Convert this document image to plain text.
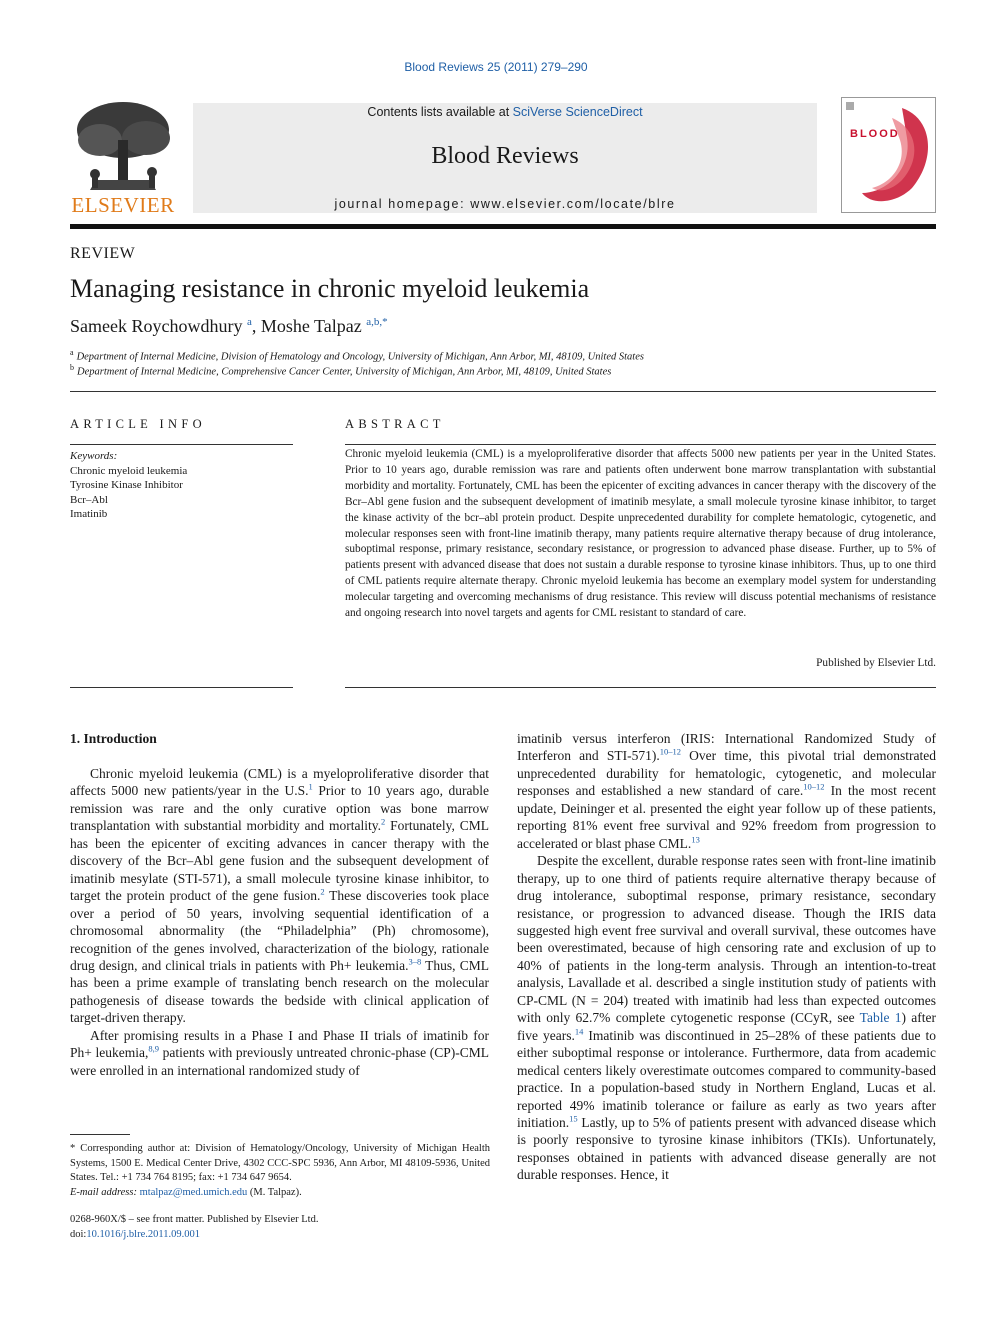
Blood Reviews 25 (2011) 279–290
ELSEVIER
Contents lists available at SciVerse ScienceDirect
Blood Reviews
journal homepage: www.elsevier.com/locate/blre
BLOOD
REVIEW
Managing resistance in chronic myeloid leukemia
Sameek Roychowdhury $^a$, Moshe Talpaz $^{a,b,*}$
$^a$ Department of Internal Medicine, Division of Hematology and Oncology, University of Michigan, Ann Arbor, MI, 48109, United States
$^b$ Department of Internal Medicine, Comprehensive Cancer Center, University of Michigan, Ann Arbor, MI, 48109, United States
ARTICLE INFO	ABSTRACT
Keywords:
Chronic myeloid leukemia
Tyrosine Kinase Inhibitor
Bcr–Abl
Imatinib
Chronic myeloid leukemia (CML) is a myeloproliferative disorder that affects 5000 new patients per year in the United States. Prior to 10 years ago, durable remission was rare and patients often underwent bone marrow transplantation with substantial morbidity and mortality. Fortunately, CML has been the epicenter of exciting advances in cancer therapy with the discovery of the Bcr–Abl gene fusion and the subsequent development of imatinib mesylate, a small molecule tyrosine kinase inhibitor, to target the kinase activity of the bcr–abl protein product. Despite unprecedented durability for complete hematologic, cytogenetic, and molecular responses seen with front-line imatinib therapy, many patients require alternative therapy because of drug intolerance, suboptimal response, primary resistance, secondary resistance, or progression to advanced phase disease. Further, up to 5% of patients present with advanced disease that does not sustain a durable response to tyrosine kinase inhibitors. Thus, up to one third of CML patients require alternate therapy. Chronic myeloid leukemia has become an exemplary model system for understanding molecular targeting and overcoming mechanisms of drug resistance. This review will discuss potential mechanisms of resistance and ongoing research into novel targets and agents for CML resistant to standard of care.
Published by Elsevier Ltd.
1. Introduction

Chronic myeloid leukemia (CML) is a myeloproliferative disorder that affects 5000 new patients/year in the U.S.$^1$ Prior to 10 years ago, durable remission was rare and the only curative option was bone marrow transplantation with substantial morbidity and mortality.$^2$ Fortunately, CML has been the epicenter of exciting advances in cancer therapy with the discovery of the Bcr–Abl gene fusion and the subsequent development of imatinib mesylate (STI-571), a small molecule tyrosine kinase inhibitor, to target the protein product of the gene fusion.$^2$ These discoveries took place over a period of 50 years, involving sequential identification of a chromosomal abnormality (the “Philadelphia” (Ph) chromosome), recognition of the genes involved, characterization of the biology, rationale drug design, and clinical trials in patients with Ph+ leukemia.$^{3-8}$ Thus, CML has been a prime example of translating bench research on the molecular pathogenesis of disease towards the bedside with clinical application of target-driven therapy.

After promising results in a Phase I and Phase II trials of imatinib for Ph+ leukemia,$^{8,9}$ patients with previously untreated chronic-phase (CP)-CML were enrolled in an international randomized study of

imatinib versus interferon (IRIS: International Randomized Study of Interferon and STI-571).$^{10-12}$ Over time, this pivotal trial demonstrated unprecedented durability for hematologic, cytogenetic, and molecular responses and established a new standard of care.$^{10-12}$ In the most recent update, Deininger et al. presented the eight year follow up of these patients, reporting 81% event free survival and 92% freedom from progression to accelerated or blast phase CML.$^{13}$

Despite the excellent, durable response rates seen with front-line imatinib therapy, up to one third of patients require alternative therapy because of drug intolerance, suboptimal response, primary resistance, secondary resistance, or progression to advanced disease. Though the IRIS data suggested high event free survival and overall survival, these outcomes have been overestimated, because of high censoring rate and exclusion of up to 40% of patients in the long-term analysis. Through an intention-to-treat analysis, Lavallade et al. described a single institution study of patients with CP-CML (N = 204) treated with imatinib had less than expected outcomes with only 62.7% complete cytogenetic response (CCyR, see Table 1) after five years.$^{14}$ Imatinib was discontinued in 25–28% of these patients due to either suboptimal response or intolerance. Furthermore, data from academic medical centers likely overestimate outcomes compared to community-based practice. In a population-based study in Northern England, Lucas et al. reported 49% imatinib tolerance or failure as early as two years after initiation.$^{15}$ Lastly, up to 5% of patients present with advanced disease which is poorly responsive to tyrosine kinase inhibitors (TKIs). Unfortunately, responses obtained in patients with advanced disease generally are not durable responses. Hence, it

* Corresponding author at: Division of Hematology/Oncology, University of Michigan Health Systems, 1500 E. Medical Center Drive, 4302 CCC-SPC 5936, Ann Arbor, MI 48109-5936, United States. Tel.: +1 734 764 8195; fax: +1 734 647 9654.
E-mail address: mtalpaz@med.umich.edu (M. Talpaz).
0268-960X/$ – see front matter. Published by Elsevier Ltd.
doi:10.1016/j.blre.2011.09.001
